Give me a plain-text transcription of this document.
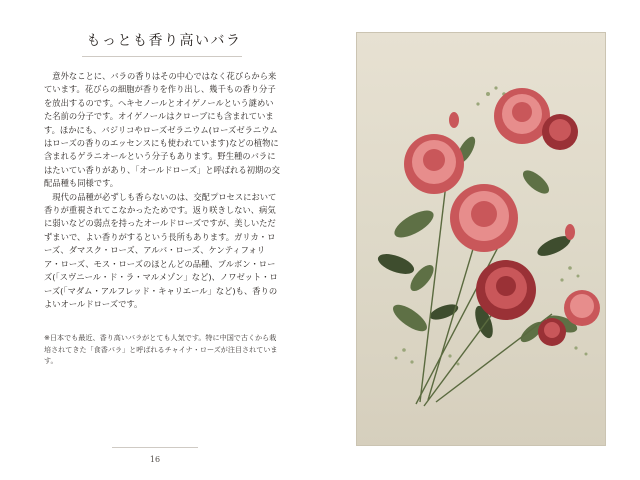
もっとも香り高いバラ

意外なことに、バラの香りはその中心ではなく花びらから来ています。花びらの細胞が香りを作り出し、幾千もの香り分子を放出するのです。ヘキセノールとオイゲノールという謎めいた名前の分子です。オイゲノールはクローブにも含まれています。ほかにも、バジリコやローズゼラニウム(ローズゼラニウムはローズの香りのエッセンスにも使われています)などの植物に含まれるゲラニオールという分子もあります。野生種のバラにはたいてい香りがあり、「オールドローズ」と呼ばれる初期の交配品種も同様です。

現代の品種が必ずしも香らないのは、交配プロセスにおいて香りが重視されてこなかったためです。返り咲きしない、病気に弱いなどの弱点を持ったオールドローズですが、美しいただずまいで、よい香りがするという長所もあります。ガリカ・ローズ、ダマスク・ローズ、アルバ・ローズ、ケンティフォリア・ローズ、モス・ローズのほとんどの品種、ブルボン・ローズ(「スヴニール・ド・ラ・マルメゾン」など)、ノワゼット・ローズ(「マダム・アルフレッド・キャリエール」など)も、香りのよいオールドローズです。

※日本でも最近、香り高いバラがとても人気です。特に中国で古くから栽培されてきた「食香バラ」と呼ばれるチャイナ・ローズが注目されています。
16
